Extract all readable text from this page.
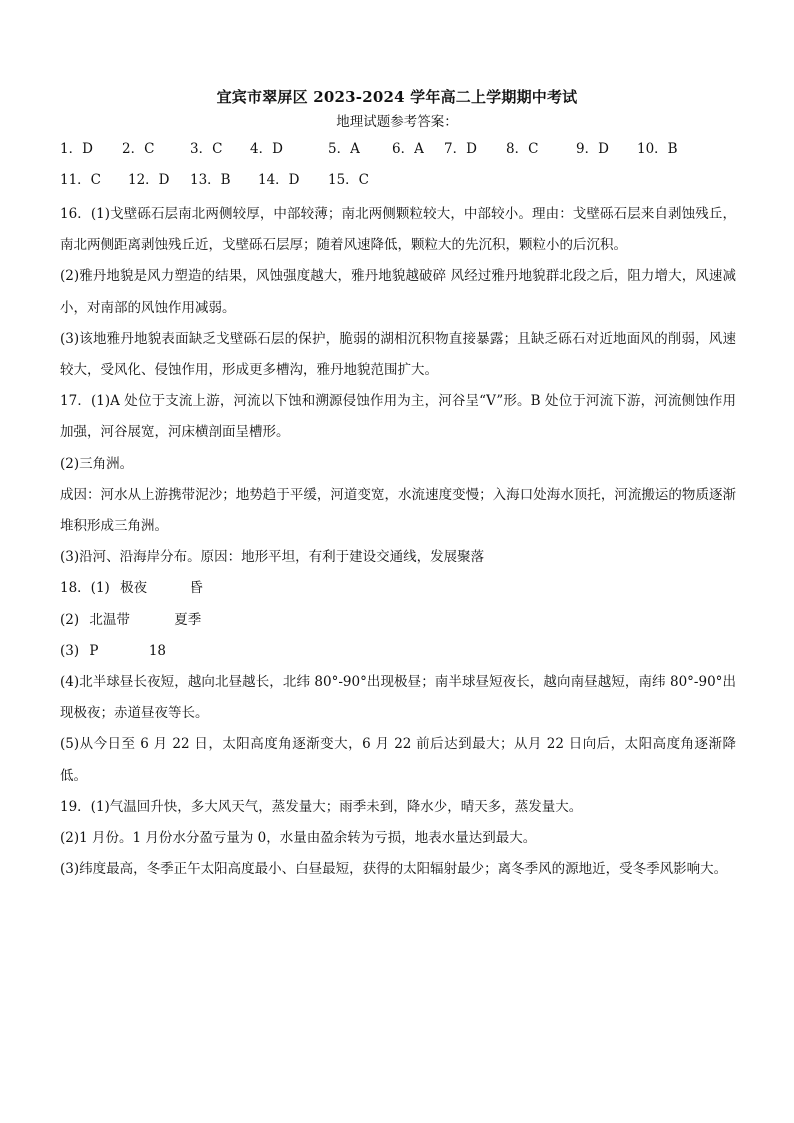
宜宾市翠屏区 2023-2024 学年高二上学期期中考试
地理试题参考答案：
1．D 2．C	3．C 4．D	5．A 6．A 7．D 8．C	9．D 10．B
11．C 12．D 13．B 14．D 15．C

16．(1)戈壁砾石层南北两侧较厚，中部较薄；南北两侧颗粒较大，中部较小。理由：戈壁砾石层来自剥蚀残丘，南北两侧距离剥蚀残丘近，戈壁砾石层厚；随着风速降低，颗粒大的先沉积，颗粒小的后沉积。

(2)雅丹地貌是风力塑造的结果，风蚀强度越大，雅丹地貌越破碎 风经过雅丹地貌群北段之后，阻力增大，风速减小，对南部的风蚀作用减弱。

(3)该地雅丹地貌表面缺乏戈壁砾石层的保护，脆弱的湖相沉积物直接暴露；且缺乏砾石对近地面风的削弱，风速较大，受风化、侵蚀作用，形成更多槽沟，雅丹地貌范围扩大。

17．(1)A 处位于支流上游，河流以下蚀和溯源侵蚀作用为主，河谷呈“V”形。B 处位于河流下游，河流侧蚀作用加强，河谷展宽，河床横剖面呈槽形。

(2)三角洲。

成因：河水从上游携带泥沙；地势趋于平缓，河道变宽，水流速度变慢；入海口处海水顶托，河流搬运的物质逐渐堆积形成三角洲。

(3)沿河、沿海岸分布。原因：地形平坦，有利于建设交通线，发展聚落

18．(1) 极夜	昏

(2) 北温带	夏季

(3) P	18

(4)北半球昼长夜短，越向北昼越长，北纬 80°-90°出现极昼；南半球昼短夜长，越向南昼越短，南纬 80°-90°出现极夜；赤道昼夜等长。

(5)从今日至 6 月 22 日，太阳高度角逐渐变大，6 月 22 前后达到最大；从月 22 日向后，太阳高度角逐渐降低。

19．(1)气温回升快，多大风天气，蒸发量大；雨季未到，降水少，晴天多，蒸发量大。

(2)1 月份。1 月份水分盈亏量为 0，水量由盈余转为亏损，地表水量达到最大。

(3)纬度最高，冬季正午太阳高度最小、白昼最短，获得的太阳辐射最少；离冬季风的源地近，受冬季风影响大。
